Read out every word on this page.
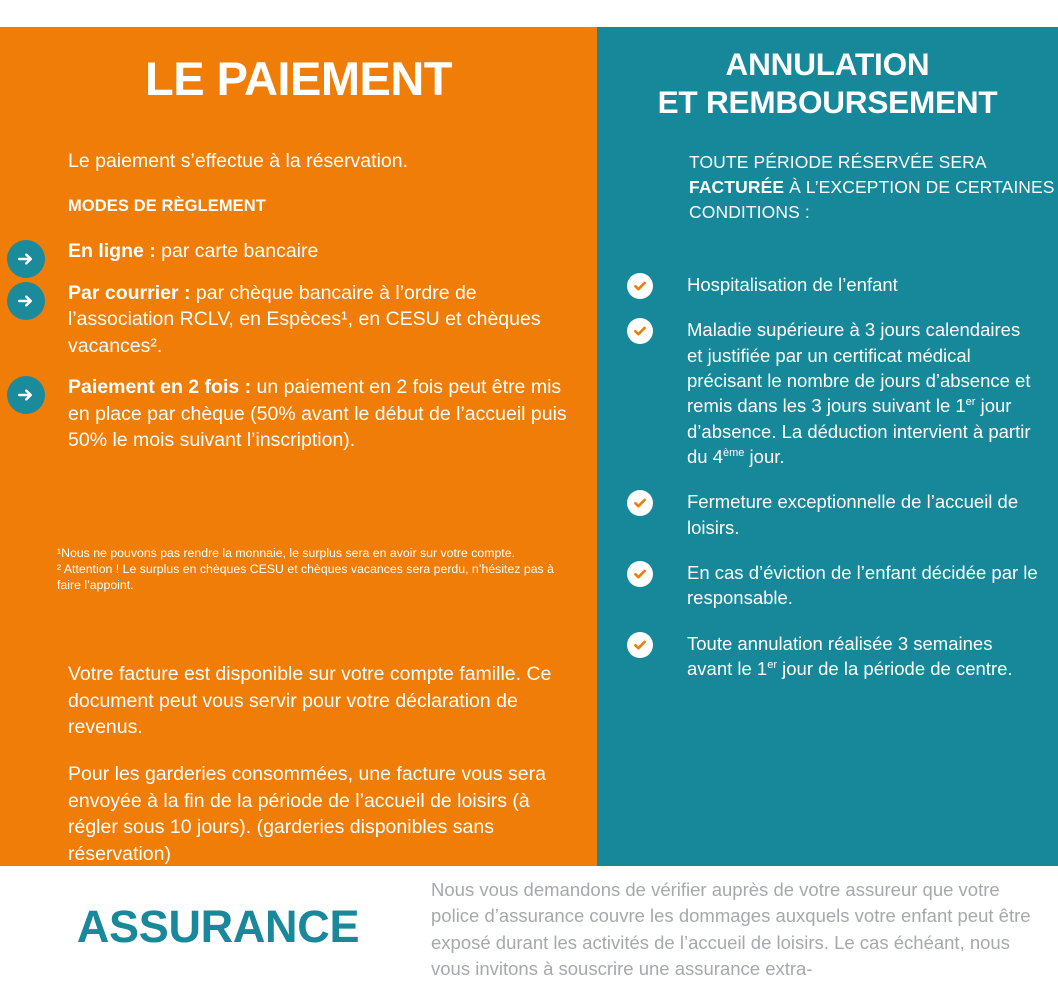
LE PAIEMENT

Le paiement s’effectue à la réservation.

MODES DE RÈGLEMENT

En ligne : par carte bancaire
Par courrier : par chèque bancaire à l’ordre de l’association RCLV, en Espèces¹, en CESU et chèques vacances².
Paiement en 2 fois : un paiement en 2 fois peut être mis en place par chèque (50% avant le début de l’accueil puis 50% le mois suivant l’inscription).

¹Nous ne pouvons pas rendre la monnaie, le surplus sera en avoir sur votre compte.

² Attention ! Le surplus en chèques CESU et chèques vacances sera perdu, n’hésitez pas à faire l’appoint.

Votre facture est disponible sur votre compte famille. Ce document peut vous servir pour votre déclaration de revenus.

Pour les garderies consommées, une facture vous sera envoyée à la fin de la période de l’accueil de loisirs (à régler sous 10 jours). (garderies disponibles sans réservation)

ANNULATION
ET REMBOURSEMENT

TOUTE PÉRIODE RÉSERVÉE SERA FACTURÉE À L’EXCEPTION DE CERTAINES CONDITIONS :

Hospitalisation de l’enfant
Maladie supérieure à 3 jours calendaires et justifiée par un certificat médical précisant le nombre de jours d’absence et remis dans les 3 jours suivant le 1er jour d’absence. La déduction intervient à partir du 4ème jour.
Fermeture exceptionnelle de l’accueil de loisirs.
En cas d’éviction de l’enfant décidée par le responsable.
Toute annulation réalisée 3 semaines avant le 1er jour de la période de centre.
ASSURANCE

Nous vous demandons de vérifier auprès de votre assureur que votre police d’assurance couvre les dommages auxquels votre enfant peut être exposé durant les activités de l’accueil de loisirs. Le cas échéant, nous vous invitons à souscrire une assurance extra-
